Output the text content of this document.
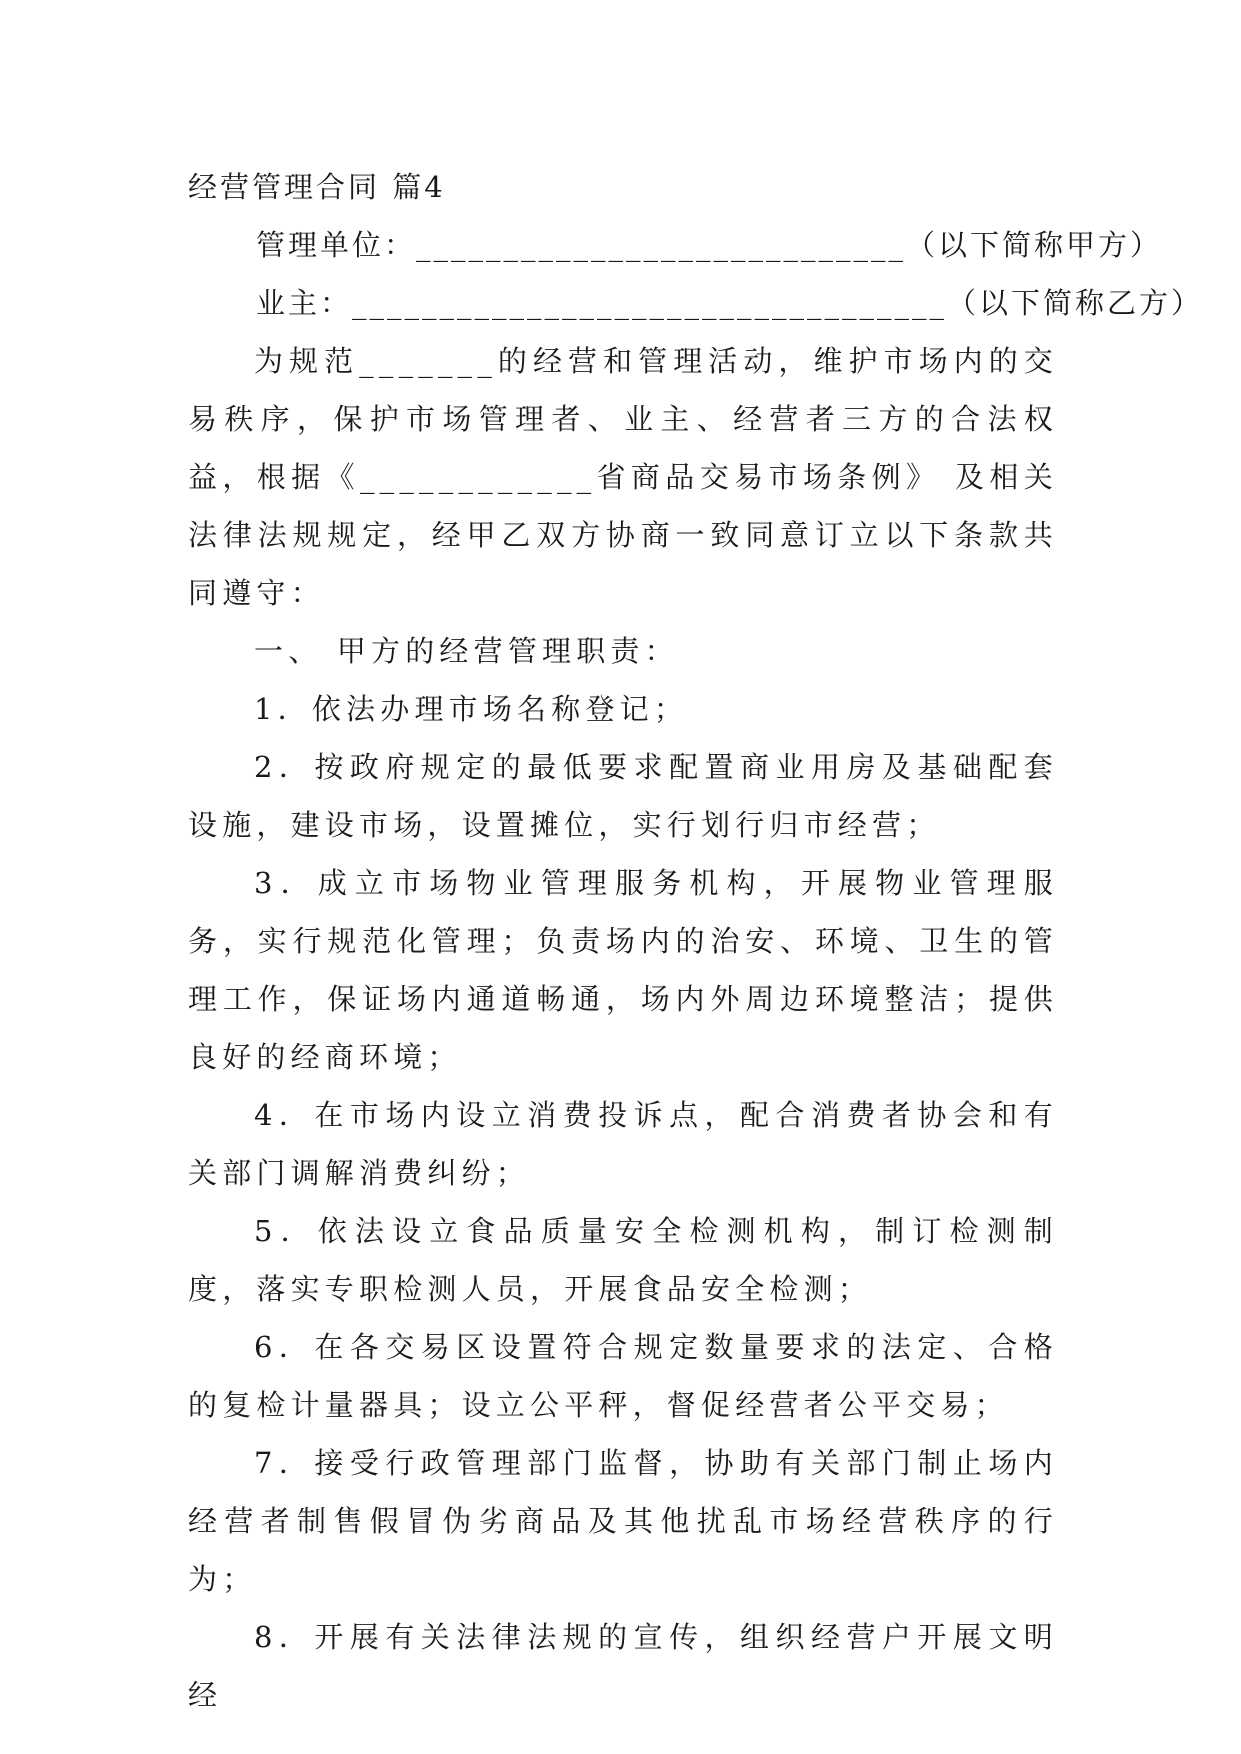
经营管理合同 篇4
管理单位：____________________________（以下简称甲方）
业主：__________________________________（以下简称乙方）

为规范_______的经营和管理活动，维护市场内的交易秩序，保护市场管理者、业主、经营者三方的合法权益，根据《____________省商品交易市场条例》 及相关法律法规规定，经甲乙双方协商一致同意订立以下条款共同遵守：

一、 甲方的经营管理职责：

1．依法办理市场名称登记；

2．按政府规定的最低要求配置商业用房及基础配套设施，建设市场，设置摊位，实行划行归市经营；

3．成立市场物业管理服务机构，开展物业管理服务，实行规范化管理；负责场内的治安、环境、卫生的管理工作，保证场内通道畅通，场内外周边环境整洁；提供良好的经商环境；

4．在市场内设立消费投诉点，配合消费者协会和有关部门调解消费纠纷；

5．依法设立食品质量安全检测机构，制订检测制度，落实专职检测人员，开展食品安全检测；

6．在各交易区设置符合规定数量要求的法定、合格的复检计量器具；设立公平秤，督促经营者公平交易；

7．接受行政管理部门监督，协助有关部门制止场内经营者制售假冒伪劣商品及其他扰乱市场经营秩序的行为；

8．开展有关法律法规的宣传，组织经营户开展文明经
